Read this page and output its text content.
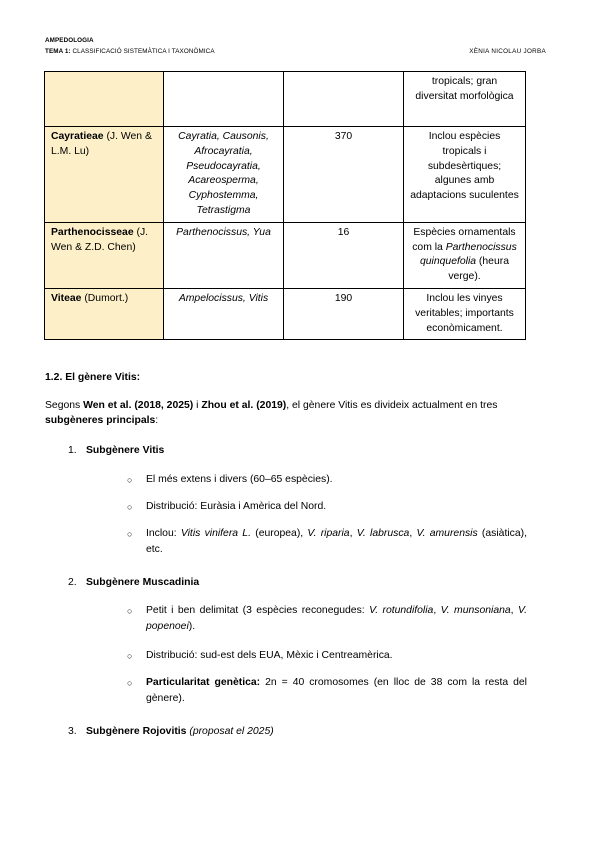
AMPEDOLOGIA
TEMA 1: CLASSIFICACIÓ SISTEMÀTICA I TAXONÒMICA	XÈNIA NICOLAU JORBA
			tropicals; gran diversitat morfològica
Cayratieae (J. Wen & L.M. Lu)	Cayratia, Causonis, Afrocayratia, Pseudocayratia, Acareosperma, Cyphostemma, Tetrastigma	370	Inclou espècies tropicals i subdesèrtiques; algunes amb adaptacions suculentes
Parthenocisseae (J. Wen & Z.D. Chen)	Parthenocissus, Yua	16	Espècies ornamentals com la Parthenocissus quinquefolia (heura verge).
Viteae (Dumort.)	Ampelocissus, Vitis	190	Inclou les vinyes veritables; importants econòmicament.
1.2. El gènere Vitis:
Segons Wen et al. (2018, 2025) i Zhou et al. (2019), el gènere Vitis es divideix actualment en tres subgèneres principals:
1. Subgènere Vitis
○ El més extens i divers (60–65 espècies).
○ Distribució: Euràsia i Amèrica del Nord.
○ Inclou: Vitis vinifera L. (europea), V. riparia, V. labrusca, V. amurensis (asiàtica), etc.
2. Subgènere Muscadinia
○ Petit i ben delimitat (3 espècies reconegudes: V. rotundifolia, V. munsoniana, V. popenoei).
○ Distribució: sud-est dels EUA, Mèxic i Centreamèrica.
○ Particularitat genètica: 2n = 40 cromosomes (en lloc de 38 com la resta del gènere).
3. Subgènere Rojovitis (proposat el 2025)
